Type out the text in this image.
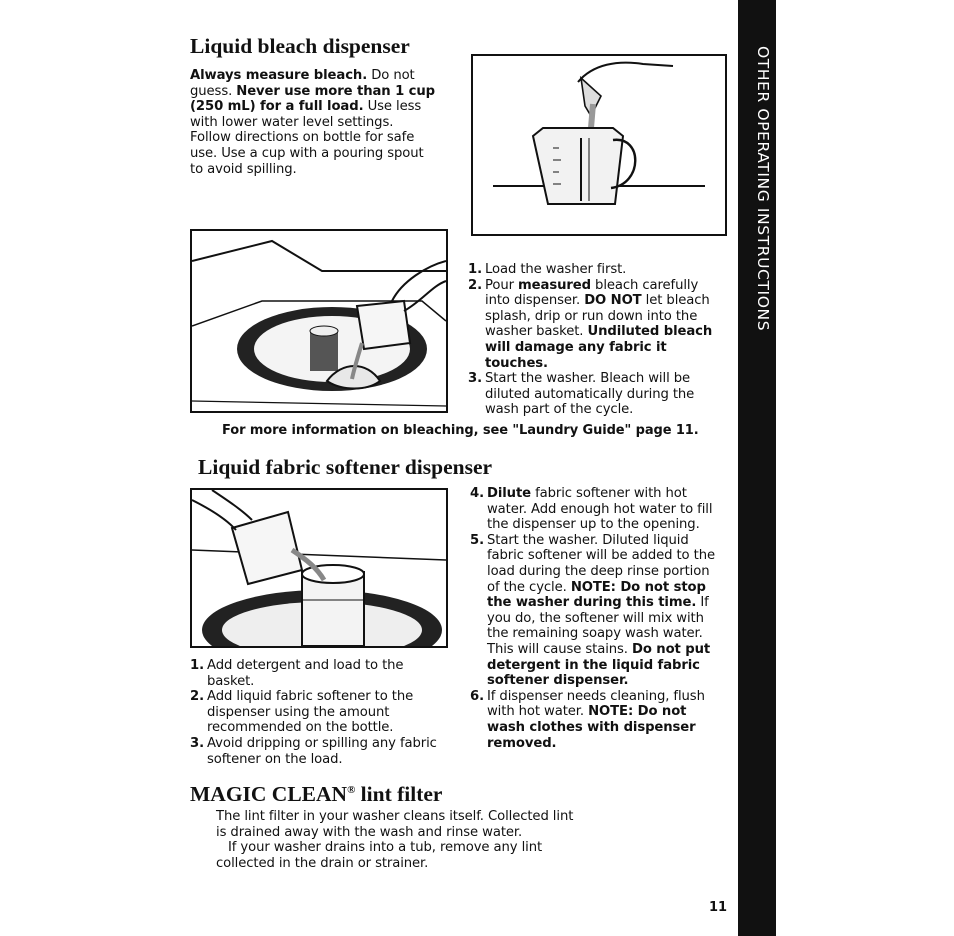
OTHER OPERATING INSTRUCTIONS
Liquid bleach dispenser
Always measure bleach. Do not guess. Never use more than 1 cup (250 mL) for a full load. Use less with lower water level settings. Follow directions on bottle for safe use. Use a cup with a pouring spout to avoid spilling.
1. Load the washer first.
2. Pour measured bleach carefully into dispenser. DO NOT let bleach splash, drip or run down into the washer basket. Undiluted bleach will damage any fabric it touches.
3. Start the washer. Bleach will be diluted automatically during the wash part of the cycle.
For more information on bleaching, see "Laundry Guide" page 11.
Liquid fabric softener dispenser
1. Add detergent and load to the basket.
2. Add liquid fabric softener to the dispenser using the amount recommended on the bottle.
3. Avoid dripping or spilling any fabric softener on the load.
4. Dilute fabric softener with hot water. Add enough hot water to fill the dispenser up to the opening.
5. Start the washer. Diluted liquid fabric softener will be added to the load during the deep rinse portion of the cycle. NOTE: Do not stop the washer during this time. If you do, the softener will mix with the remaining soapy wash water. This will cause stains. Do not put detergent in the liquid fabric softener dispenser.
6. If dispenser needs cleaning, flush with hot water. NOTE: Do not wash clothes with dispenser removed.
MAGIC CLEAN® lint filter
The lint filter in your washer cleans itself. Collected lint is drained away with the wash and rinse water.
If your washer drains into a tub, remove any lint collected in the drain or strainer.
11
